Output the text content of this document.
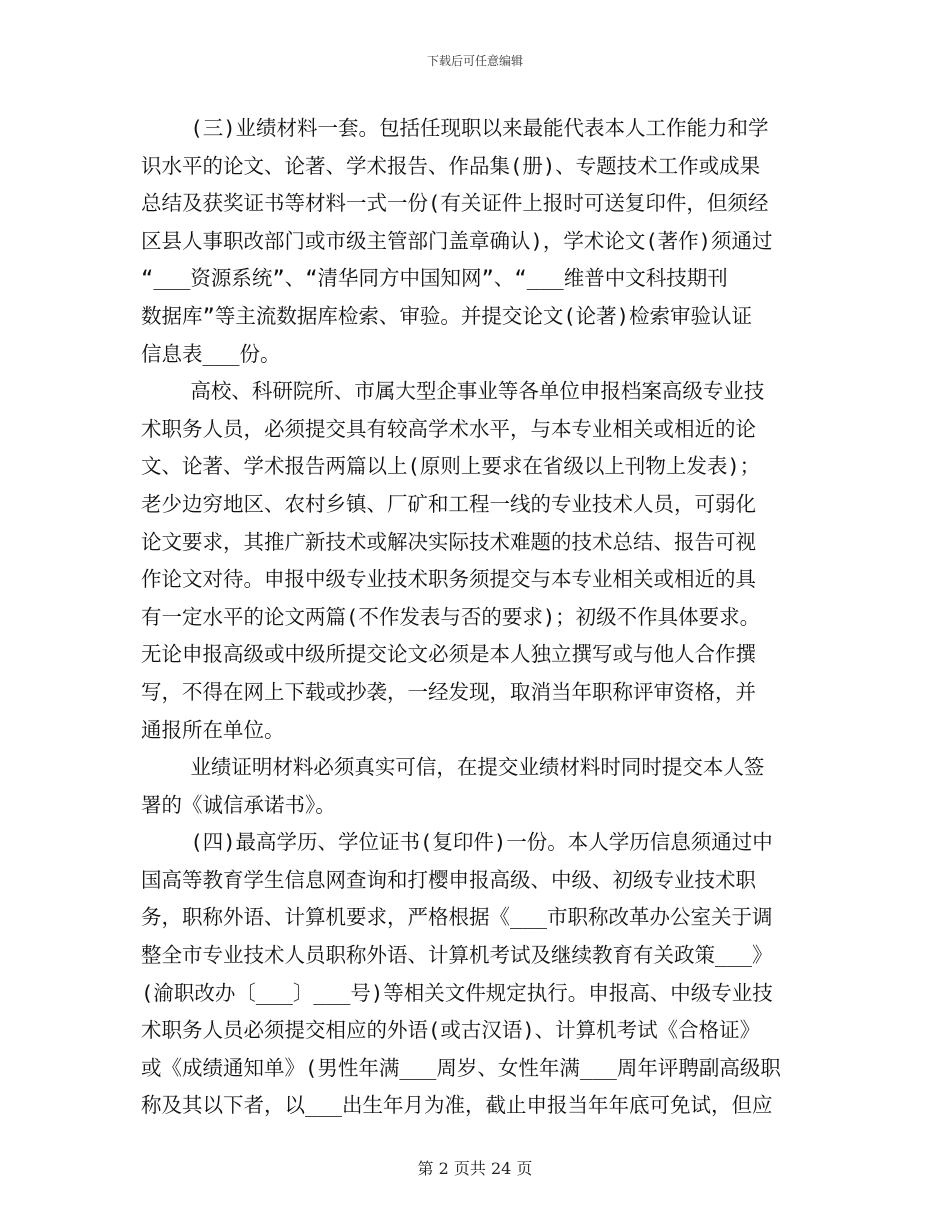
下载后可任意编辑
(三)业绩材料一套。包括任现职以来最能代表本人工作能力和学
识水平的论文、论著、学术报告、作品集(册)、专题技术工作或成果
总结及获奖证书等材料一式一份(有关证件上报时可送复印件，但须经
区县人事职改部门或市级主管部门盖章确认)，学术论文(著作)须通过
“___资源系统”、“清华同方中国知网”、“___维普中文科技期刊
数据库”等主流数据库检索、审验。并提交论文(论著)检索审验认证
信息表___份。
高校、科研院所、市属大型企事业等各单位申报档案高级专业技
术职务人员，必须提交具有较高学术水平，与本专业相关或相近的论
文、论著、学术报告两篇以上(原则上要求在省级以上刊物上发表)；
老少边穷地区、农村乡镇、厂矿和工程一线的专业技术人员，可弱化
论文要求，其推广新技术或解决实际技术难题的技术总结、报告可视
作论文对待。申报中级专业技术职务须提交与本专业相关或相近的具
有一定水平的论文两篇(不作发表与否的要求)；初级不作具体要求。
无论申报高级或中级所提交论文必须是本人独立撰写或与他人合作撰
写，不得在网上下载或抄袭，一经发现，取消当年职称评审资格，并
通报所在单位。
业绩证明材料必须真实可信，在提交业绩材料时同时提交本人签
署的《诚信承诺书》。
(四)最高学历、学位证书(复印件)一份。本人学历信息须通过中
国高等教育学生信息网查询和打樱申报高级、中级、初级专业技术职
务，职称外语、计算机要求，严格根据《___市职称改革办公室关于调
整全市专业技术人员职称外语、计算机考试及继续教育有关政策___》
(渝职改办〔___〕___号)等相关文件规定执行。申报高、中级专业技
术职务人员必须提交相应的外语(或古汉语)、计算机考试《合格证》
或《成绩通知单》(男性年满___周岁、女性年满___周年评聘副高级职
称及其以下者，以___出生年月为准，截止申报当年年底可免试，但应
第 2 页共 24 页
